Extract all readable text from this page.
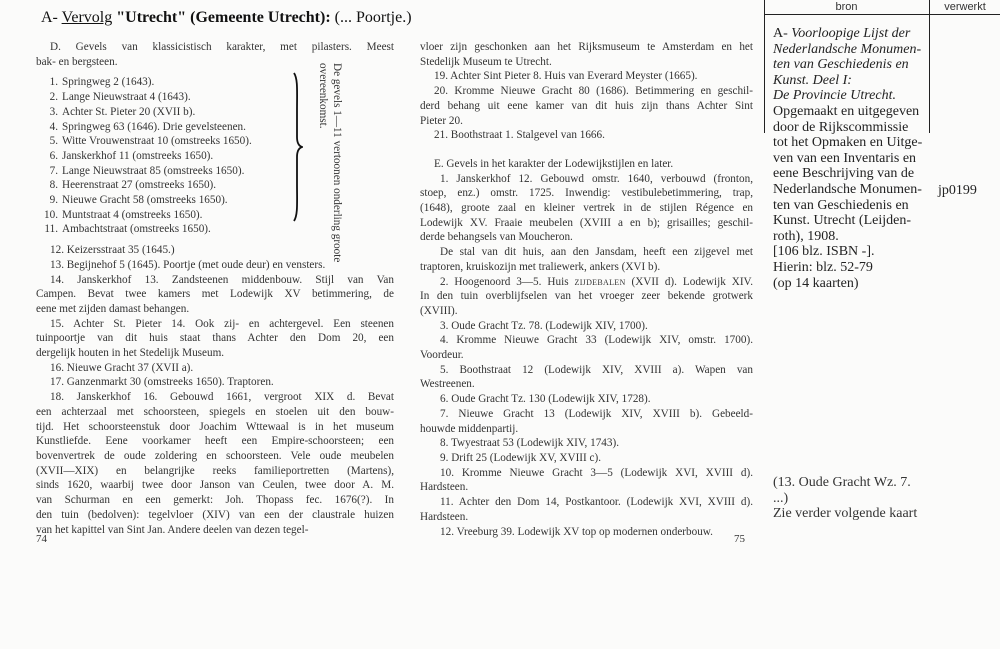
A- Vervolg "Utrecht" (Gemeente Utrecht): (... Poortje.)
D. Gevels van klassicistisch karakter, met pilasters. Meest
bak- en bergsteen.
1. Springweg 2 (1643).
2. Lange Nieuwstraat 4 (1643).
3. Achter St. Pieter 20 (XVII b).
4. Springweg 63 (1646). Drie gevelsteenen.
5. Witte Vrouwenstraat 10 (omstreeks 1650).
6. Janskerkhof 11 (omstreeks 1650).
7. Lange Nieuwstraat 85 (omstreeks 1650).
8. Heerenstraat 27 (omstreeks 1650).
9. Nieuwe Gracht 58 (omstreeks 1650).
10. Muntstraat 4 (omstreeks 1650).
11. Ambachtstraat (omstreeks 1650).	De gevels 1—11 vertoonen onderling groote overeenkomst.
12. Keizersstraat 35 (1645.)
13. Begijnehof 5 (1645). Poortje (met oude deur) en vensters.
14. Janskerkhof 13. Zandsteenen middenbouw. Stijl van Van
Campen. Bevat twee kamers met Lodewijk XV betimmering, de
eene met zijden damast behangen.
15. Achter St. Pieter 14. Ook zij- en achtergevel. Een steenen
tuinpoortje van dit huis staat thans Achter den Dom 20, een
dergelijk houten in het Stedelijk Museum.
16. Nieuwe Gracht 37 (XVII a).
17. Ganzenmarkt 30 (omstreeks 1650). Traptoren.
18. Janskerkhof 16. Gebouwd 1661, vergroot XIX d. Bevat
een achterzaal met schoorsteen, spiegels en stoelen uit den bouw-
tijd. Het schoorsteenstuk door Joachim Wttewaal is in het museum
Kunstliefde. Eene voorkamer heeft een Empire-schoorsteen; een
bovenvertrek de oude zoldering en schoorsteen. Vele oude meubelen
(XVII—XIX) en belangrijke reeks familieportretten (Martens),
sinds 1620, waarbij twee door Janson van Ceulen, twee door A. M.
van Schurman en een gemerkt: Joh. Thopass fec. 1676(?). In
den tuin (bedolven): tegelvloer (XIV) van een der claustrale huizen
van het kapittel van Sint Jan. Andere deelen van dezen tegel-
74
vloer zijn geschonken aan het Rijksmuseum te Amsterdam en het
Stedelijk Museum te Utrecht.
19. Achter Sint Pieter 8. Huis van Everard Meyster (1665).
20. Kromme Nieuwe Gracht 80 (1686). Betimmering en geschil-
derd behang uit eene kamer van dit huis zijn thans Achter Sint
Pieter 20.
21. Boothstraat 1. Stalgevel van 1666.
E. Gevels in het karakter der Lodewijkstijlen en later.
1. Janskerkhof 12. Gebouwd omstr. 1640, verbouwd (fronton,
stoep, enz.) omstr. 1725. Inwendig: vestibulebetimmering, trap,
(1648), groote zaal en kleiner vertrek in de stijlen Régence en
Lodewijk XV. Fraaie meubelen (XVIII a en b); grisailles; geschil-
derde behangsels van Moucheron.
De stal van dit huis, aan den Jansdam, heeft een zijgevel met
traptoren, kruiskozijn met traliewerk, ankers (XVI b).
2. Hoogenoord 3—5. Huis zijdebalen (XVII d). Lodewijk XIV.
In den tuin overblijfselen van het vroeger zeer bekende grotwerk
(XVIII).
3. Oude Gracht Tz. 78. (Lodewijk XIV, 1700).
4. Kromme Nieuwe Gracht 33 (Lodewijk XIV, omstr. 1700).
Voordeur.
5. Boothstraat 12 (Lodewijk XIV, XVIII a). Wapen van
Westreenen.
6. Oude Gracht Tz. 130 (Lodewijk XIV, 1728).
7. Nieuwe Gracht 13 (Lodewijk XIV, XVIII b). Gebeeld-
houwde middenpartij.
8. Twyestraat 53 (Lodewijk XIV, 1743).
9. Drift 25 (Lodewijk XV, XVIII c).
10. Kromme Nieuwe Gracht 3—5 (Lodewijk XVI, XVIII d).
Hardsteen.
11. Achter den Dom 14, Postkantoor. (Lodewijk XVI, XVIII d).
Hardsteen.
12. Vreeburg 39. Lodewijk XV top op modernen onderbouw.
75
bron	verwerkt
A- Voorloopige Lijst der
Nederlandsche Monumen-
ten van Geschiedenis en
Kunst. Deel I:
De Provincie Utrecht.
Opgemaakt en uitgegeven
door de Rijkscommissie
tot het Opmaken en Uitge-
ven van een Inventaris en
eene Beschrijving van de
Nederlandsche Monumen-
ten van Geschiedenis en
Kunst. Utrecht (Leijden-
roth), 1908.
[106 blz. ISBN -].
Hierin: blz. 52-79
(op 14 kaarten)
jp0199
(13. Oude Gracht Wz. 7.
...)
Zie verder volgende kaart
